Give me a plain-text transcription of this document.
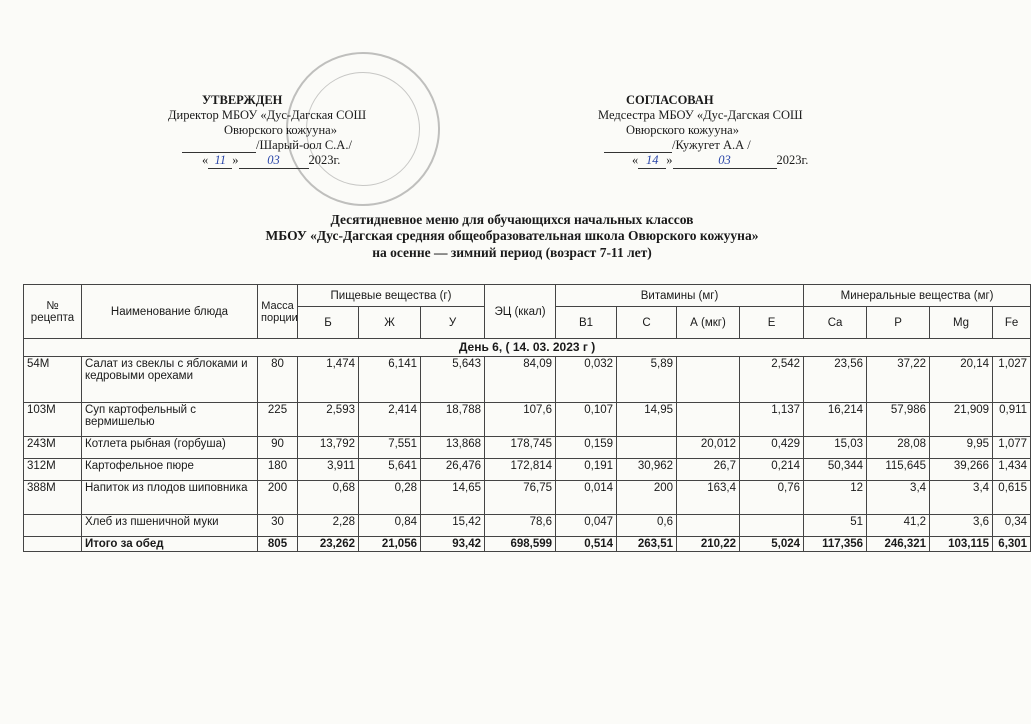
УТВЕРЖДЕН
Директор МБОУ «Дус-Дагская СОШ
Овюрского кожууна»
/Шарый-оол С.А./
« 11 » 03 2023г.
СОГЛАСОВАН
Медсестра МБОУ «Дус-Дагская СОШ
Овюрского кожууна»
/Кужугет А.А /
« 14 »	03	2023г.
Десятидневное меню для обучающихся начальных классов
МБОУ «Дус-Дагская средняя общеобразовательная школа Овюрского кожууна»
на осенне — зимний период (возраст 7-11 лет)
№ рецепта	Наименование блюда	Масса порции	Пищевые вещества (г)			ЭЦ (ккал)	Витамины (мг)				Минеральные вещества (мг)			
			Б	Ж	У		B1	C	А (мкг)	E	Ca	P	Mg	Fe
День 6, ( 14. 03. 2023 г )														
54М	Салат из свеклы с яблоками и кедровыми орехами	80	1,474	6,141	5,643	84,09	0,032	5,89		2,542	23,56	37,22	20,14	1,027
103М	Суп картофельный с вермишелью	225	2,593	2,414	18,788	107,6	0,107	14,95		1,137	16,214	57,986	21,909	0,911
243М	Котлета рыбная (горбуша)	90	13,792	7,551	13,868	178,745	0,159		20,012	0,429	15,03	28,08	9,95	1,077
312М	Картофельное пюре	180	3,911	5,641	26,476	172,814	0,191	30,962	26,7	0,214	50,344	115,645	39,266	1,434
388М	Напиток из плодов шиповника	200	0,68	0,28	14,65	76,75	0,014	200	163,4	0,76	12	3,4	3,4	0,615
	Хлеб из пшеничной муки	30	2,28	0,84	15,42	78,6	0,047	0,6			51	41,2	3,6	0,34
	Итого за обед	805	23,262	21,056	93,42	698,599	0,514	263,51	210,22	5,024	117,356	246,321	103,115	6,301
